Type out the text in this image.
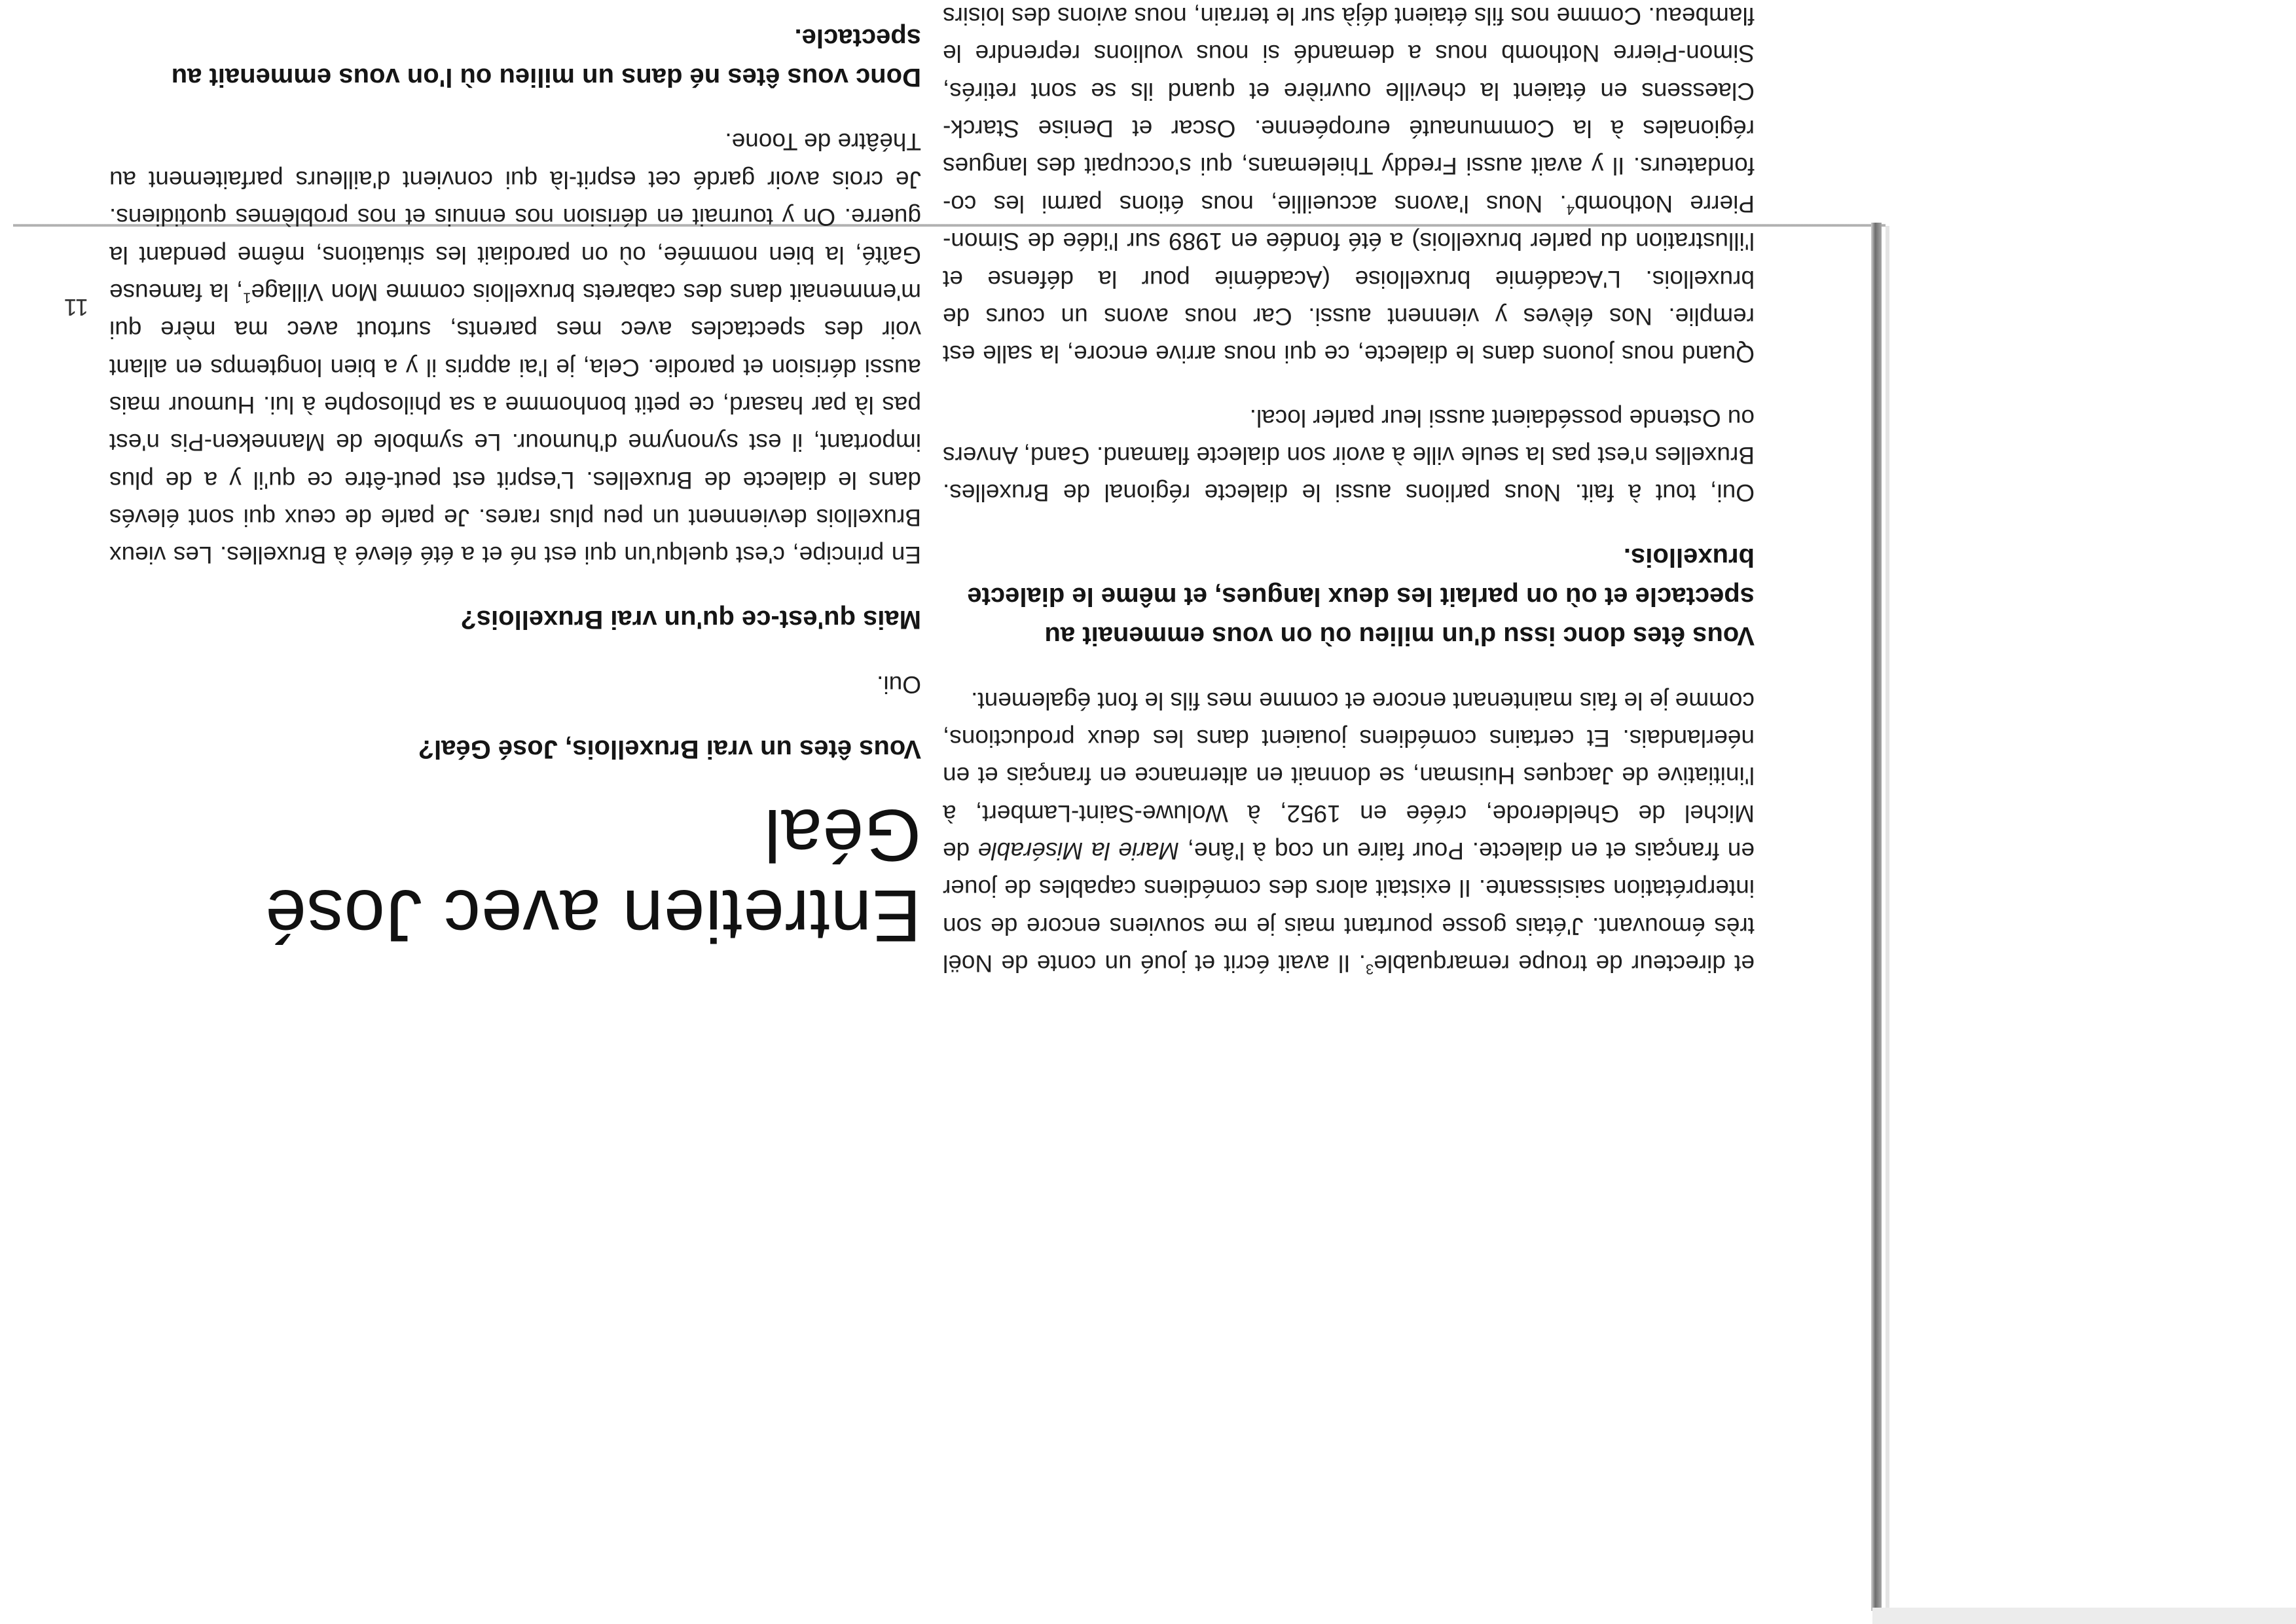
Entretien avec José Géal

Vous êtes un vrai Bruxellois, José Géal?

Oui.

Mais qu'est-ce qu'un vrai Bruxellois?

En principe, c'est quelqu'un qui est né et a été élevé à Bruxelles. Les vieux Bruxellois deviennent un peu plus rares. Je parle de ceux qui sont élevés dans le dialecte de Bruxelles. L'esprit est peut-être ce qu'il y a de plus important, il est synonyme d'humour. Le symbole de Manneken-Pis n'est pas là par hasard, ce petit bonhomme a sa philosophe à lui. Humour mais aussi dérision et parodie. Cela, je l'ai appris il y a bien longtemps en allant voir des spectacles avec mes parents, surtout avec ma mère qui m'emmenait dans des cabarets bruxellois comme Mon Village$^1$, la fameuse Gaîté, la bien nommée, où on parodiait les situations, même pendant la guerre. On y tournait en dérision nos ennuis et nos problèmes quotidiens. Je crois avoir gardé cet esprit-là qui convient d'ailleurs parfaitement au Théâtre de Toone.

Donc vous êtes né dans un milieu où l'on vous emmenait au spectacle.

et directeur de troupe remarquable$^3$. Il avait écrit et joué un conte de Noël très émouvant. J'étais gosse pourtant mais je me souviens encore de son interprétation saisissante. Il existait alors des comédiens capables de jouer en français et en dialecte. Pour faire un coq à l'âne, Marie la Misérable de Michel de Ghelderode, créée en 1952, à Woluwe-Saint-Lambert, à l'initiative de Jacques Huisman, se donnait en alternance en français et en néerlandais. Et certains comédiens jouaient dans les deux productions, comme je le fais maintenant encore et comme mes fils le font également.

Vous êtes donc issu d'un milieu où on vous emmenait au spectacle et où on parlait les deux langues, et même le dialecte bruxellois.

Oui, tout à fait. Nous parlions aussi le dialecte régional de Bruxelles. Bruxelles n'est pas la seule ville à avoir son dialecte flamand. Gand, Anvers ou Ostende possédaient aussi leur parler local.

Quand nous jouons dans le dialecte, ce qui nous arrive encore, la salle est remplie. Nos élèves y viennent aussi. Car nous avons un cours de bruxellois. L'Académie bruxelloise (Académie pour la défense et l'illustration du parler bruxellois) a été fondée en 1989 sur l'idée de Simon-Pierre Nothomb$^4$. Nous l'avons accueillie, nous étions parmi les co-fondateurs. Il y avait aussi Freddy Thielemans, qui s'occupait des langues régionales à la Communauté européenne. Oscar et Denise Starck-Claessens en étaient la cheville ouvrière et quand ils se sont retirés, Simon-Pierre Nothomb nous a demandé si nous voulions reprendre le flambeau. Comme nos fils étaient déjà sur le terrain, nous avions des loisirs

11
